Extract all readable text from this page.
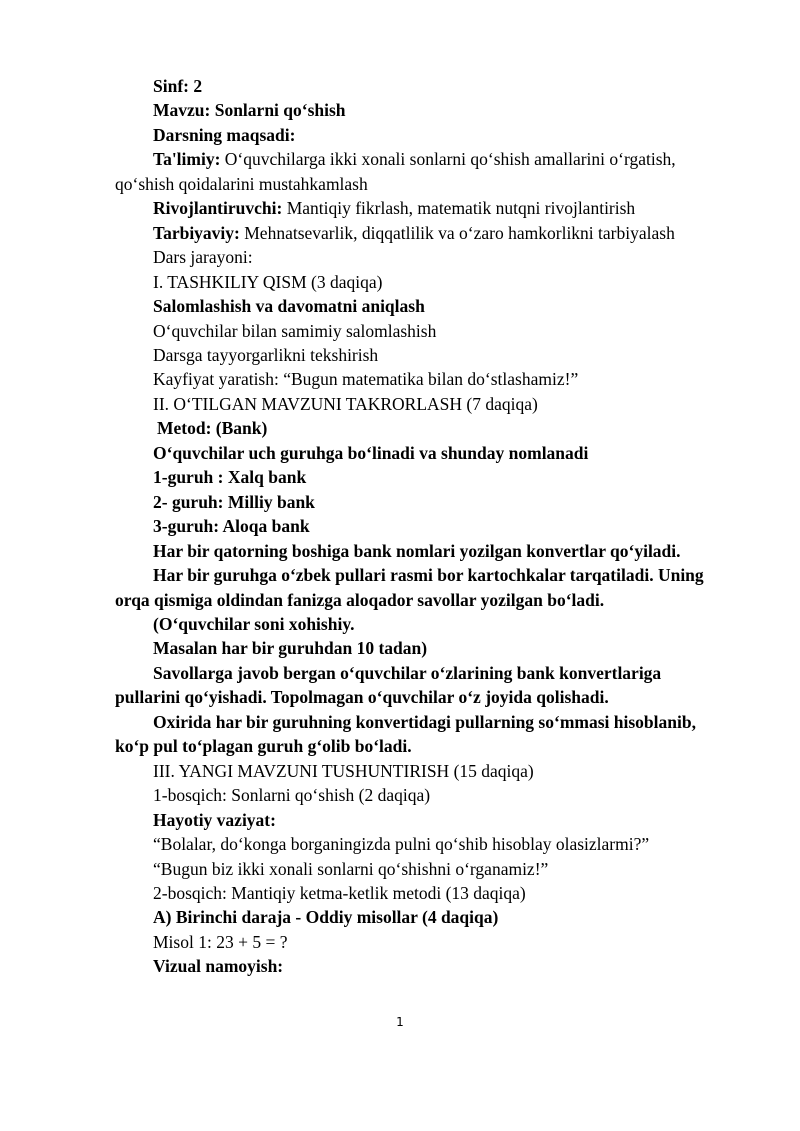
Sinf: 2
Mavzu: Sonlarni qo‘shish
Darsning maqsadi:
Ta'limiy: O‘quvchilarga ikki xonali sonlarni qo‘shish amallarini o‘rgatish, qo‘shish qoidalarini mustahkamlash
Rivojlantiruvchi: Mantiqiy fikrlash, matematik nutqni rivojlantirish
Tarbiyaviy: Mehnatsevarlik, diqqatlilik va o‘zaro hamkorlikni tarbiyalash
Dars jarayoni:
I. TASHKILIY QISM (3 daqiqa)
Salomlashish va davomatni aniqlash
O‘quvchilar bilan samimiy salomlashish
Darsga tayyorgarlikni tekshirish
Kayfiyat yaratish: “Bugun matematika bilan do‘stlashamiz!”
II. O‘TILGAN MAVZUNI TAKRORLASH (7 daqiqa)
Metod: (Bank)
O‘quvchilar uch guruhga bo‘linadi va shunday nomlanadi
1-guruh : Xalq bank
2- guruh: Milliy bank
3-guruh: Aloqa bank
Har bir qatorning boshiga bank nomlari yozilgan konvertlar qo‘yiladi.
Har bir guruhga o‘zbek pullari rasmi bor kartochkalar tarqatiladi. Uning orqa qismiga oldindan fanizga aloqador savollar yozilgan bo‘ladi.
(O‘quvchilar soni xohishiy.
Masalan har bir guruhdan 10 tadan)
Savollarga javob bergan o‘quvchilar o‘zlarining bank konvertlariga pullarini qo‘yishadi. Topolmagan o‘quvchilar o‘z joyida qolishadi.
Oxirida har bir guruhning konvertidagi pullarning so‘mmasi hisoblanib, ko‘p pul to‘plagan guruh g‘olib bo‘ladi.
III. YANGI MAVZUNI TUSHUNTIRISH (15 daqiqa)
1-bosqich: Sonlarni qo‘shish (2 daqiqa)
Hayotiy vaziyat:
“Bolalar, do‘konga borganingizda pulni qo‘shib hisoblay olasizlarmi?”
“Bugun biz ikki xonali sonlarni qo‘shishni o‘rganamiz!”
2-bosqich: Mantiqiy ketma-ketlik metodi (13 daqiqa)
A) Birinchi daraja - Oddiy misollar (4 daqiqa)
Misol 1: 23 + 5 = ?
Vizual namoyish:
1
